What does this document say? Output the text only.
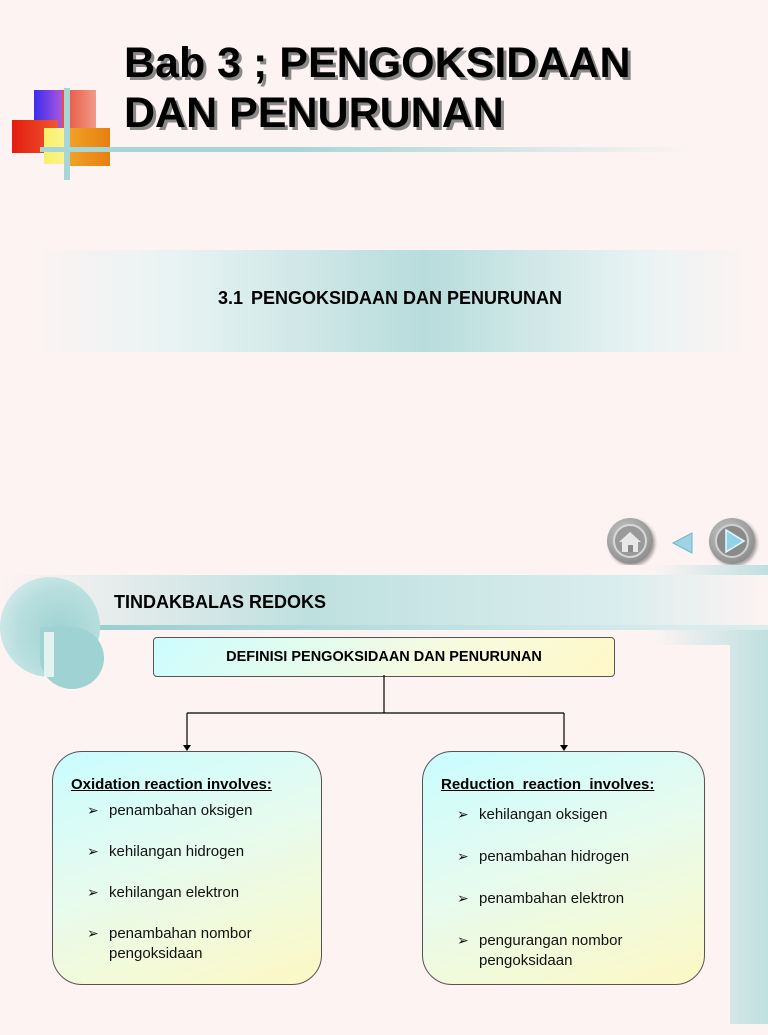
Bab 3 ; PENGOKSIDAAN
DAN PENURUNAN
3.1 PENGOKSIDAAN DAN PENURUNAN
TINDAKBALAS REDOKS
DEFINISI PENGOKSIDAAN DAN PENURUNAN

Oxidation reaction involves:

➢ penambahan oksigen
➢ kehilangan hidrogen
➢ kehilangan elektron
➢ penambahan nombor pengoksidaan

Reduction  reaction  involves:

➢ kehilangan oksigen
➢ penambahan hidrogen
➢ penambahan elektron
➢ pengurangan nombor pengoksidaan
